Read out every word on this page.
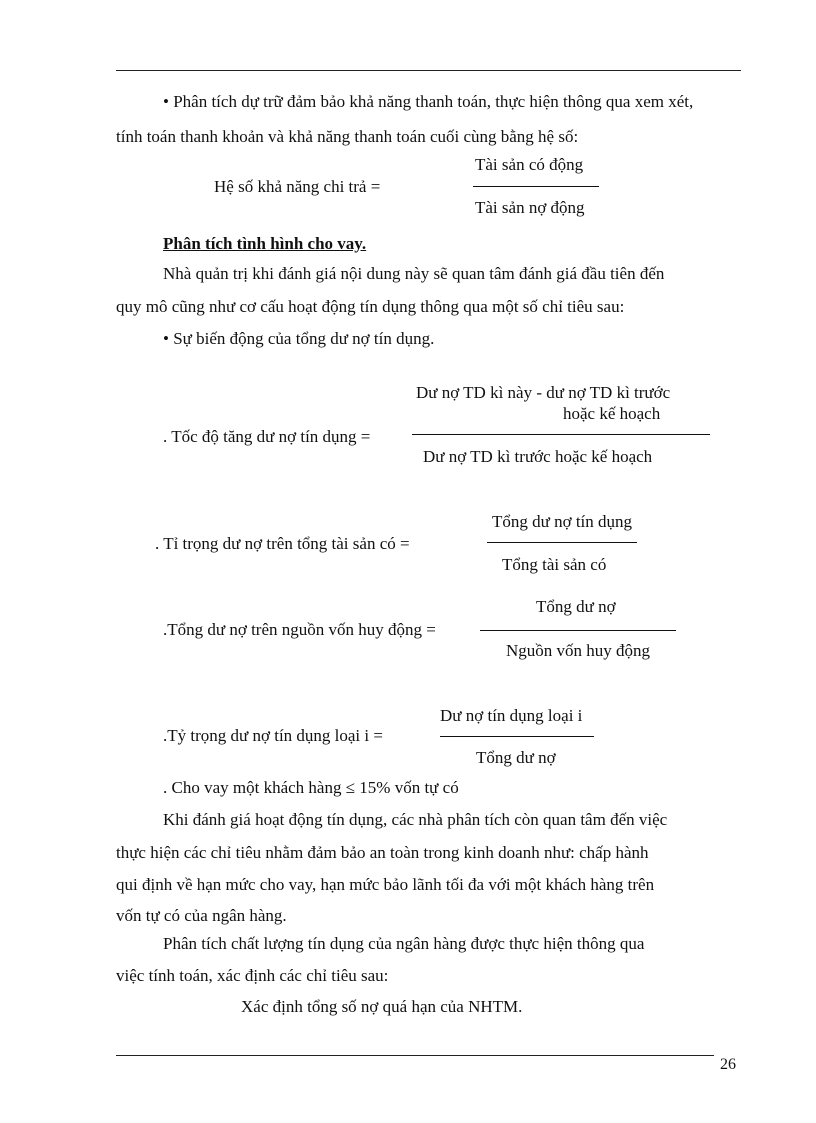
• Phân tích dự trữ đảm bảo khả năng thanh toán, thực hiện thông qua xem xét,
tính toán thanh khoản và khả năng thanh toán cuối cùng bằng hệ số:
Hệ số khả năng chi trả =
Tài sản có động
Tài sản nợ động
Phân tích tình hình cho vay.
Nhà quản trị khi đánh giá nội dung này sẽ quan tâm đánh giá đầu tiên đến
quy mô cũng như cơ cấu hoạt động tín dụng thông qua một số chỉ tiêu sau:
• Sự biến động của tổng dư nợ tín dụng.
Dư nợ TD kì này - dư nợ TD kì trước
hoặc kế hoạch
. Tốc độ tăng dư nợ tín dụng =
Dư nợ TD kì trước hoặc kế hoạch
Tổng dư nợ tín dụng
. Tỉ trọng dư nợ trên tổng tài sản có =
Tổng tài sản có
Tổng dư nợ
.Tổng dư nợ trên nguồn vốn huy động =
Nguồn vốn huy động
Dư nợ tín dụng loại i
.Tỷ trọng dư nợ tín dụng loại i =
Tổng dư nợ
. Cho vay một khách hàng ≤ 15% vốn tự có
Khi đánh giá hoạt động tín dụng, các nhà phân tích còn quan tâm đến việc
thực hiện các chỉ tiêu nhằm đảm bảo an toàn trong kinh doanh như: chấp hành
qui định về hạn mức cho vay, hạn mức bảo lãnh tối đa với một khách hàng trên
vốn tự có của ngân hàng.
Phân tích chất lượng tín dụng của ngân hàng được thực hiện thông qua
việc tính toán, xác định các chỉ tiêu sau:
Xác định tổng số nợ quá hạn của NHTM.
26
